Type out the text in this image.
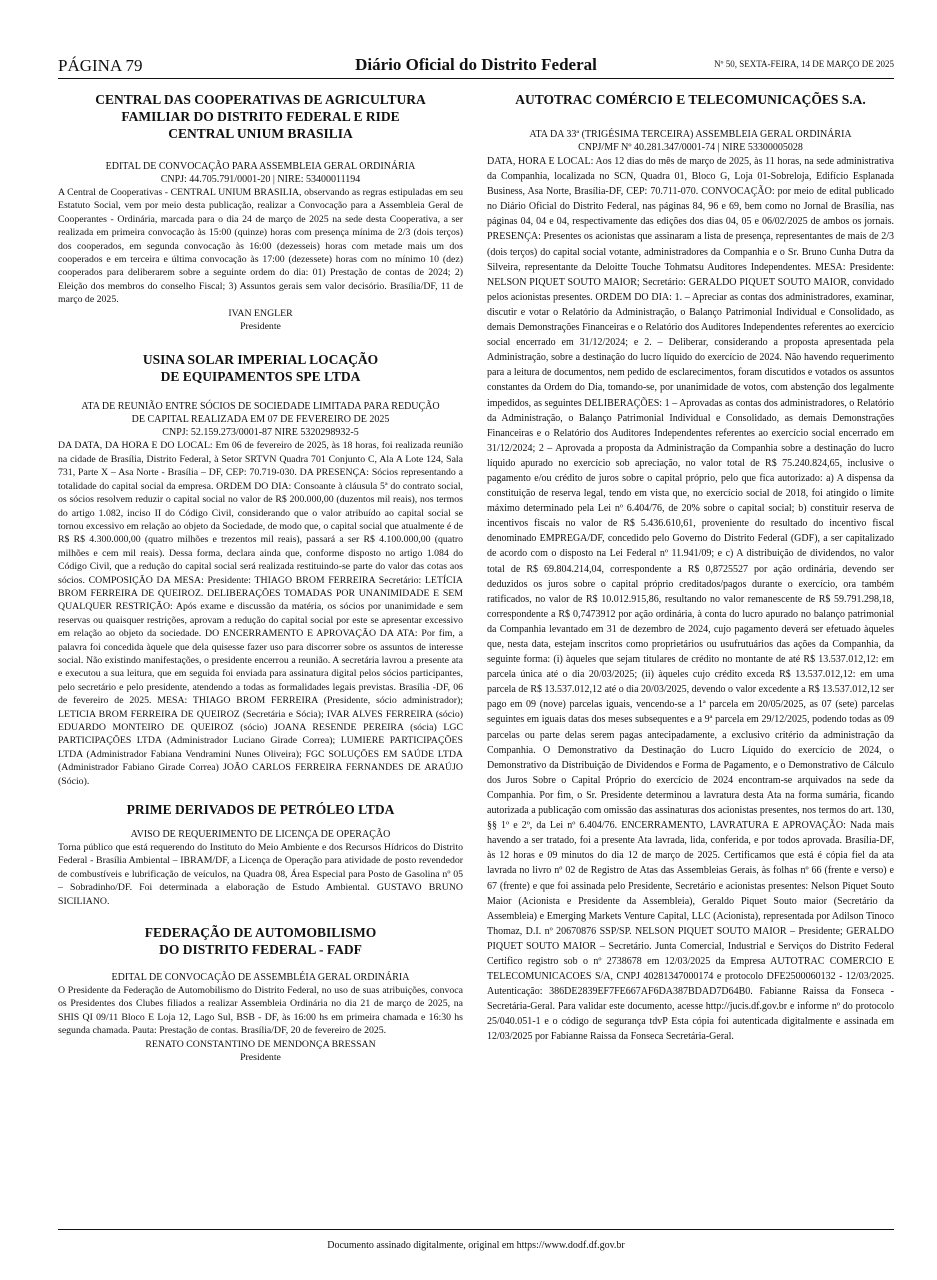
PÁGINA 79	Diário Oficial do Distrito Federal	Nº 50, SEXTA-FEIRA, 14 DE MARÇO DE 2025

CENTRAL DAS COOPERATIVAS DE AGRICULTURA

FAMILIAR DO DISTRITO FEDERAL E RIDE

CENTRAL UNIUM BRASILIA

EDITAL DE CONVOCAÇÃO PARA ASSEMBLEIA GERAL ORDINÁRIA

CNPJ: 44.705.791/0001-20 | NIRE: 53400011194

A Central de Cooperativas - CENTRAL UNIUM BRASILIA, observando as regras estipuladas em seu Estatuto Social, vem por meio desta publicação, realizar a Convocação para a Assembleia Geral de Cooperantes - Ordinária, marcada para o dia 24 de março de 2025 na sede desta Cooperativa, a ser realizada em primeira convocação às 15:00 (quinze) horas com presença mínima de 2/3 (dois terços) dos cooperados, em segunda convocação às 16:00 (dezesseis) horas com metade mais um dos cooperados e em terceira e última convocação às 17:00 (dezessete) horas com no mínimo 10 (dez) cooperados para deliberarem sobre a seguinte ordem do dia: 01) Prestação de contas de 2024; 2) Eleição dos membros do conselho Fiscal; 3) Assuntos gerais sem valor decisório. Brasília/DF, 11 de março de 2025.

IVAN ENGLER

Presidente

USINA SOLAR IMPERIAL LOCAÇÃO

DE EQUIPAMENTOS SPE LTDA

ATA DE REUNIÃO ENTRE SÓCIOS DE SOCIEDADE LIMITADA PARA REDUÇÃO

DE CAPITAL REALIZADA EM 07 DE FEVEREIRO DE 2025

CNPJ: 52.159.273/0001-87 NIRE 5320298932-5

DA DATA, DA HORA E DO LOCAL: Em 06 de fevereiro de 2025, às 18 horas, foi realizada reunião na cidade de Brasília, Distrito Federal, à Setor SRTVN Quadra 701 Conjunto C, Ala A Lote 124, Sala 731, Parte X – Asa Norte - Brasília – DF, CEP: 70.719-030. DA PRESENÇA: Sócios representando a totalidade do capital social da empresa. ORDEM DO DIA: Consoante à cláusula 5ª do contrato social, os sócios resolvem reduzir o capital social no valor de R$ 200.000,00 (duzentos mil reais), nos termos do artigo 1.082, inciso II do Código Civil, considerando que o valor atribuído ao capital social se tornou excessivo em relação ao objeto da Sociedade, de modo que, o capital social que atualmente é de R$ R$ 4.300.000,00 (quatro milhões e trezentos mil reais), passará a ser R$ 4.100.000,00 (quatro milhões e cem mil reais). Dessa forma, declara ainda que, conforme disposto no artigo 1.084 do Código Civil, que a redução do capital social será realizada restituindo-se parte do valor das cotas aos sócios. COMPOSIÇÃO DA MESA: Presidente: THIAGO BROM FERREIRA Secretário: LETÍCIA BROM FERREIRA DE QUEIROZ. DELIBERAÇÕES TOMADAS POR UNANIMIDADE E SEM QUALQUER RESTRIÇÃO: Após exame e discussão da matéria, os sócios por unanimidade e sem reservas ou quaisquer restrições, aprovam a redução do capital social por este se apresentar excessivo em relação ao objeto da sociedade. DO ENCERRAMENTO E APROVAÇÃO DA ATA: Por fim, a palavra foi concedida àquele que dela quisesse fazer uso para discorrer sobre os assuntos de interesse social. Não existindo manifestações, o presidente encerrou a reunião. A secretária lavrou a presente ata e executou a sua leitura, que em seguida foi enviada para assinatura digital pelos sócios participantes, pelo secretário e pelo presidente, atendendo a todas as formalidades legais previstas. Brasília -DF, 06 de fevereiro de 2025. MESA: THIAGO BROM FERREIRA (Presidente, sócio administrador); LETICIA BROM FERREIRA DE QUEIROZ (Secretária e Sócia); IVAR ALVES FERREIRA (sócio) EDUARDO MONTEIRO DE QUEIROZ (sócio) JOANA RESENDE PEREIRA (sócia) LGC PARTICIPAÇÕES LTDA (Administrador Luciano Girade Correa); LUMIERE PARTICIPAÇÕES LTDA (Administrador Fabiana Vendramini Nunes Oliveira); FGC SOLUÇÕES EM SAÚDE LTDA (Administrador Fabiano Girade Correa) JOÃO CARLOS FERREIRA FERNANDES DE ARAÚJO (Sócio).

PRIME DERIVADOS DE PETRÓLEO LTDA

AVISO DE REQUERIMENTO DE LICENÇA DE OPERAÇÃO

Torna público que está requerendo do Instituto do Meio Ambiente e dos Recursos Hídricos do Distrito Federal - Brasília Ambiental – IBRAM/DF, a Licença de Operação para atividade de posto revendedor de combustíveis e lubrificação de veículos, na Quadra 08, Área Especial para Posto de Gasolina nº 05 – Sobradinho/DF. Foi determinada a elaboração de Estudo Ambiental. GUSTAVO BRUNO SICILIANO.

FEDERAÇÃO DE AUTOMOBILISMO

DO DISTRITO FEDERAL - FADF

EDITAL DE CONVOCAÇÃO DE ASSEMBLÉIA GERAL ORDINÁRIA

O Presidente da Federação de Automobilismo do Distrito Federal, no uso de suas atribuições, convoca os Presidentes dos Clubes filiados a realizar Assembleia Ordinária no dia 21 de março de 2025, na SHIS QI 09/11 Bloco E Loja 12, Lago Sul, BSB - DF, às 16:00 hs em primeira chamada e 16:30 hs segunda chamada. Pauta: Prestação de contas. Brasília/DF, 20 de fevereiro de 2025.

RENATO CONSTANTINO DE MENDONÇA BRESSAN

Presidente

AUTOTRAC COMÉRCIO E TELECOMUNICAÇÕES S.A.

ATA DA 33ª (TRIGÉSIMA TERCEIRA) ASSEMBLEIA GERAL ORDINÁRIA

CNPJ/MF Nº 40.281.347/0001-74 | NIRE 53300005028

DATA, HORA E LOCAL: Aos 12 dias do mês de março de 2025, às 11 horas, na sede administrativa da Companhia, localizada no SCN, Quadra 01, Bloco G, Loja 01-Sobreloja, Edifício Esplanada Business, Asa Norte, Brasília-DF, CEP: 70.711-070. CONVOCAÇÃO: por meio de edital publicado no Diário Oficial do Distrito Federal, nas páginas 84, 96 e 69, bem como no Jornal de Brasília, nas páginas 04, 04 e 04, respectivamente das edições dos dias 04, 05 e 06/02/2025 de ambos os jornais. PRESENÇA: Presentes os acionistas que assinaram a lista de presença, representantes de mais de 2/3 (dois terços) do capital social votante, administradores da Companhia e o Sr. Bruno Cunha Dutra da Silveira, representante da Deloitte Touche Tohmatsu Auditores Independentes. MESA: Presidente: NELSON PIQUET SOUTO MAIOR; Secretário: GERALDO PIQUET SOUTO MAIOR, convidado pelos acionistas presentes. ORDEM DO DIA: 1. – Apreciar as contas dos administradores, examinar, discutir e votar o Relatório da Administração, o Balanço Patrimonial Individual e Consolidado, as demais Demonstrações Financeiras e o Relatório dos Auditores Independentes referentes ao exercício social encerrado em 31/12/2024; e 2. – Deliberar, considerando a proposta apresentada pela Administração, sobre a destinação do lucro líquido do exercício de 2024. Não havendo requerimento para a leitura de documentos, nem pedido de esclarecimentos, foram discutidos e votados os assuntos constantes da Ordem do Dia, tomando-se, por unanimidade de votos, com abstenção dos legalmente impedidos, as seguintes DELIBERAÇÕES: 1 – Aprovadas as contas dos administradores, o Relatório da Administração, o Balanço Patrimonial Individual e Consolidado, as demais Demonstrações Financeiras e o Relatório dos Auditores Independentes referentes ao exercício social encerrado em 31/12/2024; 2 – Aprovada a proposta da Administração da Companhia sobre a destinação do lucro líquido apurado no exercício sob apreciação, no valor total de R$ 75.240.824,65, inclusive o pagamento e/ou crédito de juros sobre o capital próprio, pelo que fica autorizado: a) A dispensa da constituição de reserva legal, tendo em vista que, no exercício social de 2018, foi atingido o limite máximo determinado pela Lei nº 6.404/76, de 20% sobre o capital social; b) constituir reserva de incentivos fiscais no valor de R$ 5.436.610,61, proveniente do resultado do incentivo fiscal denominado EMPREGA/DF, concedido pelo Governo do Distrito Federal (GDF), a ser capitalizado de acordo com o disposto na Lei Federal nº 11.941/09; e c) A distribuição de dividendos, no valor total de R$ 69.804.214,04, correspondente a R$ 0,8725527 por ação ordinária, devendo ser deduzidos os juros sobre o capital próprio creditados/pagos durante o exercício, ora também ratificados, no valor de R$ 10.012.915,86, resultando no valor remanescente de R$ 59.791.298,18, correspondente a R$ 0,7473912 por ação ordinária, à conta do lucro apurado no balanço patrimonial da Companhia levantado em 31 de dezembro de 2024, cujo pagamento deverá ser efetuado àqueles que, nesta data, estejam inscritos como proprietários ou usufrutuários das ações da Companhia, da seguinte forma: (i) àqueles que sejam titulares de crédito no montante de até R$ 13.537.012,12: em parcela única até o dia 20/03/2025; (ii) àqueles cujo crédito exceda R$ 13.537.012,12: em uma parcela de R$ 13.537.012,12 até o dia 20/03/2025, devendo o valor excedente a R$ 13.537.012,12 ser pago em 09 (nove) parcelas iguais, vencendo-se a 1ª parcela em 20/05/2025, as 07 (sete) parcelas seguintes em iguais datas dos meses subsequentes e a 9ª parcela em 29/12/2025, podendo todas as 09 parcelas ou parte delas serem pagas antecipadamente, a exclusivo critério da administração da Companhia. O Demonstrativo da Destinação do Lucro Líquido do exercício de 2024, o Demonstrativo da Distribuição de Dividendos e Forma de Pagamento, e o Demonstrativo de Cálculo dos Juros Sobre o Capital Próprio do exercício de 2024 encontram-se arquivados na sede da Companhia. Por fim, o Sr. Presidente determinou a lavratura desta Ata na forma sumária, ficando autorizada a publicação com omissão das assinaturas dos acionistas presentes, nos termos do art. 130, §§ 1º e 2º, da Lei nº 6.404/76. ENCERRAMENTO, LAVRATURA E APROVAÇÃO: Nada mais havendo a ser tratado, foi a presente Ata lavrada, lida, conferida, e por todos aprovada. Brasília-DF, às 12 horas e 09 minutos do dia 12 de março de 2025. Certificamos que está é cópia fiel da ata lavrada no livro nº 02 de Registro de Atas das Assembleias Gerais, às folhas nº 66 (frente e verso) e 67 (frente) e que foi assinada pelo Presidente, Secretário e acionistas presentes: Nelson Piquet Souto Maior (Acionista e Presidente da Assembleia), Geraldo Piquet Souto maior (Secretário da Assembleia) e Emerging Markets Venture Capital, LLC (Acionista), representada por Adilson Tinoco Thomaz, D.I. nº 20670876 SSP/SP. NELSON PIQUET SOUTO MAIOR – Presidente; GERALDO PIQUET SOUTO MAIOR – Secretário. Junta Comercial, Industrial e Serviços do Distrito Federal Certifico registro sob o nº 2738678 em 12/03/2025 da Empresa AUTOTRAC COMERCIO E TELECOMUNICACOES S/A, CNPJ 40281347000174 e protocolo DFE2500060132 - 12/03/2025. Autenticação: 386DE2839EF7FE667AF6DA387BDAD7D64B0. Fabianne Raissa da Fonseca - Secretária-Geral. Para validar este documento, acesse http://jucis.df.gov.br e informe nº do protocolo 25/040.051-1 e o código de segurança tdvP Esta cópia foi autenticada digitalmente e assinada em 12/03/2025 por Fabianne Raissa da Fonseca Secretária-Geral.

Documento assinado digitalmente, original em https://www.dodf.df.gov.br
